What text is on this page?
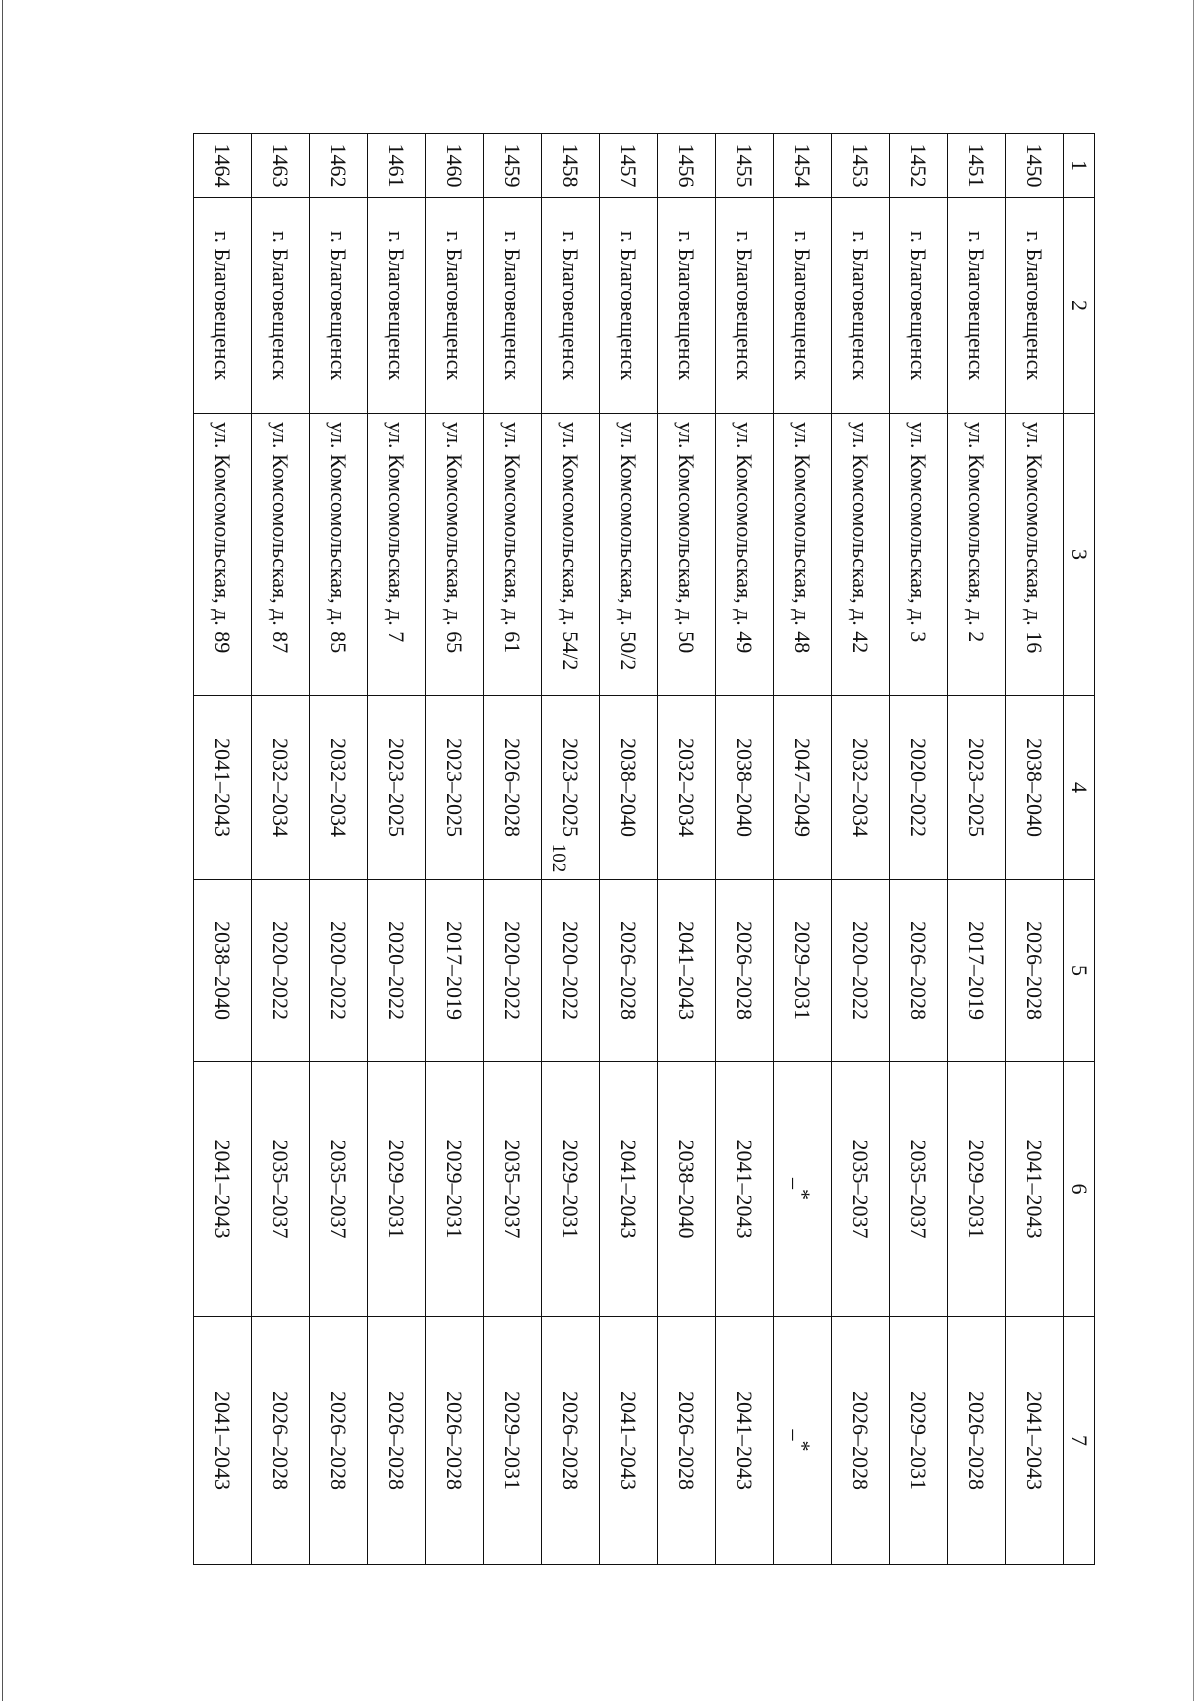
102
1	2	3	4	5	6	7
1450	г. Благовещенск	ул. Комсомольская, д. 16	2038–2040	2026–2028	2041–2043	2041–2043
1451	г. Благовещенск	ул. Комсомольская, д. 2	2023–2025	2017–2019	2029–2031	2026–2028
1452	г. Благовещенск	ул. Комсомольская, д. 3	2020–2022	2026–2028	2035–2037	2029–2031
1453	г. Благовещенск	ул. Комсомольская, д. 42	2032–2034	2020–2022	2035–2037	2026–2028
1454	г. Благовещенск	ул. Комсомольская, д. 48	2047–2049	2029–2031	_*	_*
1455	г. Благовещенск	ул. Комсомольская, д. 49	2038–2040	2026–2028	2041–2043	2041–2043
1456	г. Благовещенск	ул. Комсомольская, д. 50	2032–2034	2041–2043	2038–2040	2026–2028
1457	г. Благовещенск	ул. Комсомольская, д. 50/2	2038–2040	2026–2028	2041–2043	2041–2043
1458	г. Благовещенск	ул. Комсомольская, д. 54/2	2023–2025	2020–2022	2029–2031	2026–2028
1459	г. Благовещенск	ул. Комсомольская, д. 61	2026–2028	2020–2022	2035–2037	2029–2031
1460	г. Благовещенск	ул. Комсомольская, д. 65	2023–2025	2017–2019	2029–2031	2026–2028
1461	г. Благовещенск	ул. Комсомольская, д. 7	2023–2025	2020–2022	2029–2031	2026–2028
1462	г. Благовещенск	ул. Комсомольская, д. 85	2032–2034	2020–2022	2035–2037	2026–2028
1463	г. Благовещенск	ул. Комсомольская, д. 87	2032–2034	2020–2022	2035–2037	2026–2028
1464	г. Благовещенск	ул. Комсомольская, д. 89	2041–2043	2038–2040	2041–2043	2041–2043
